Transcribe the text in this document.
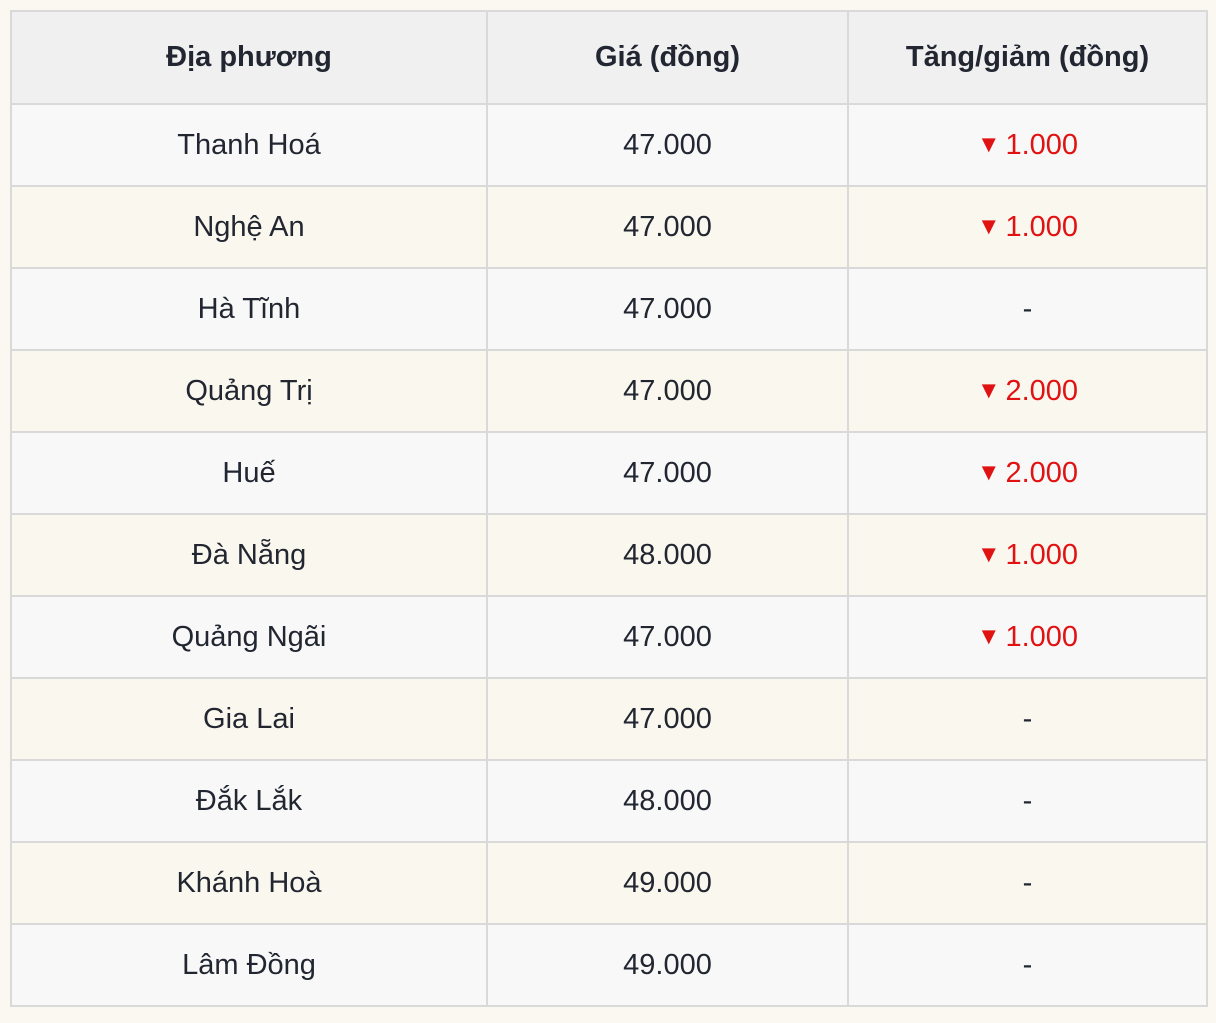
Địa phương	Giá (đồng)	Tăng/giảm (đồng)
Thanh Hoá	47.000	▼ 1.000
Nghệ An	47.000	▼ 1.000
Hà Tĩnh	47.000	-
Quảng Trị	47.000	▼ 2.000
Huế	47.000	▼ 2.000
Đà Nẵng	48.000	▼ 1.000
Quảng Ngãi	47.000	▼ 1.000
Gia Lai	47.000	-
Đắk Lắk	48.000	-
Khánh Hoà	49.000	-
Lâm Đồng	49.000	-
